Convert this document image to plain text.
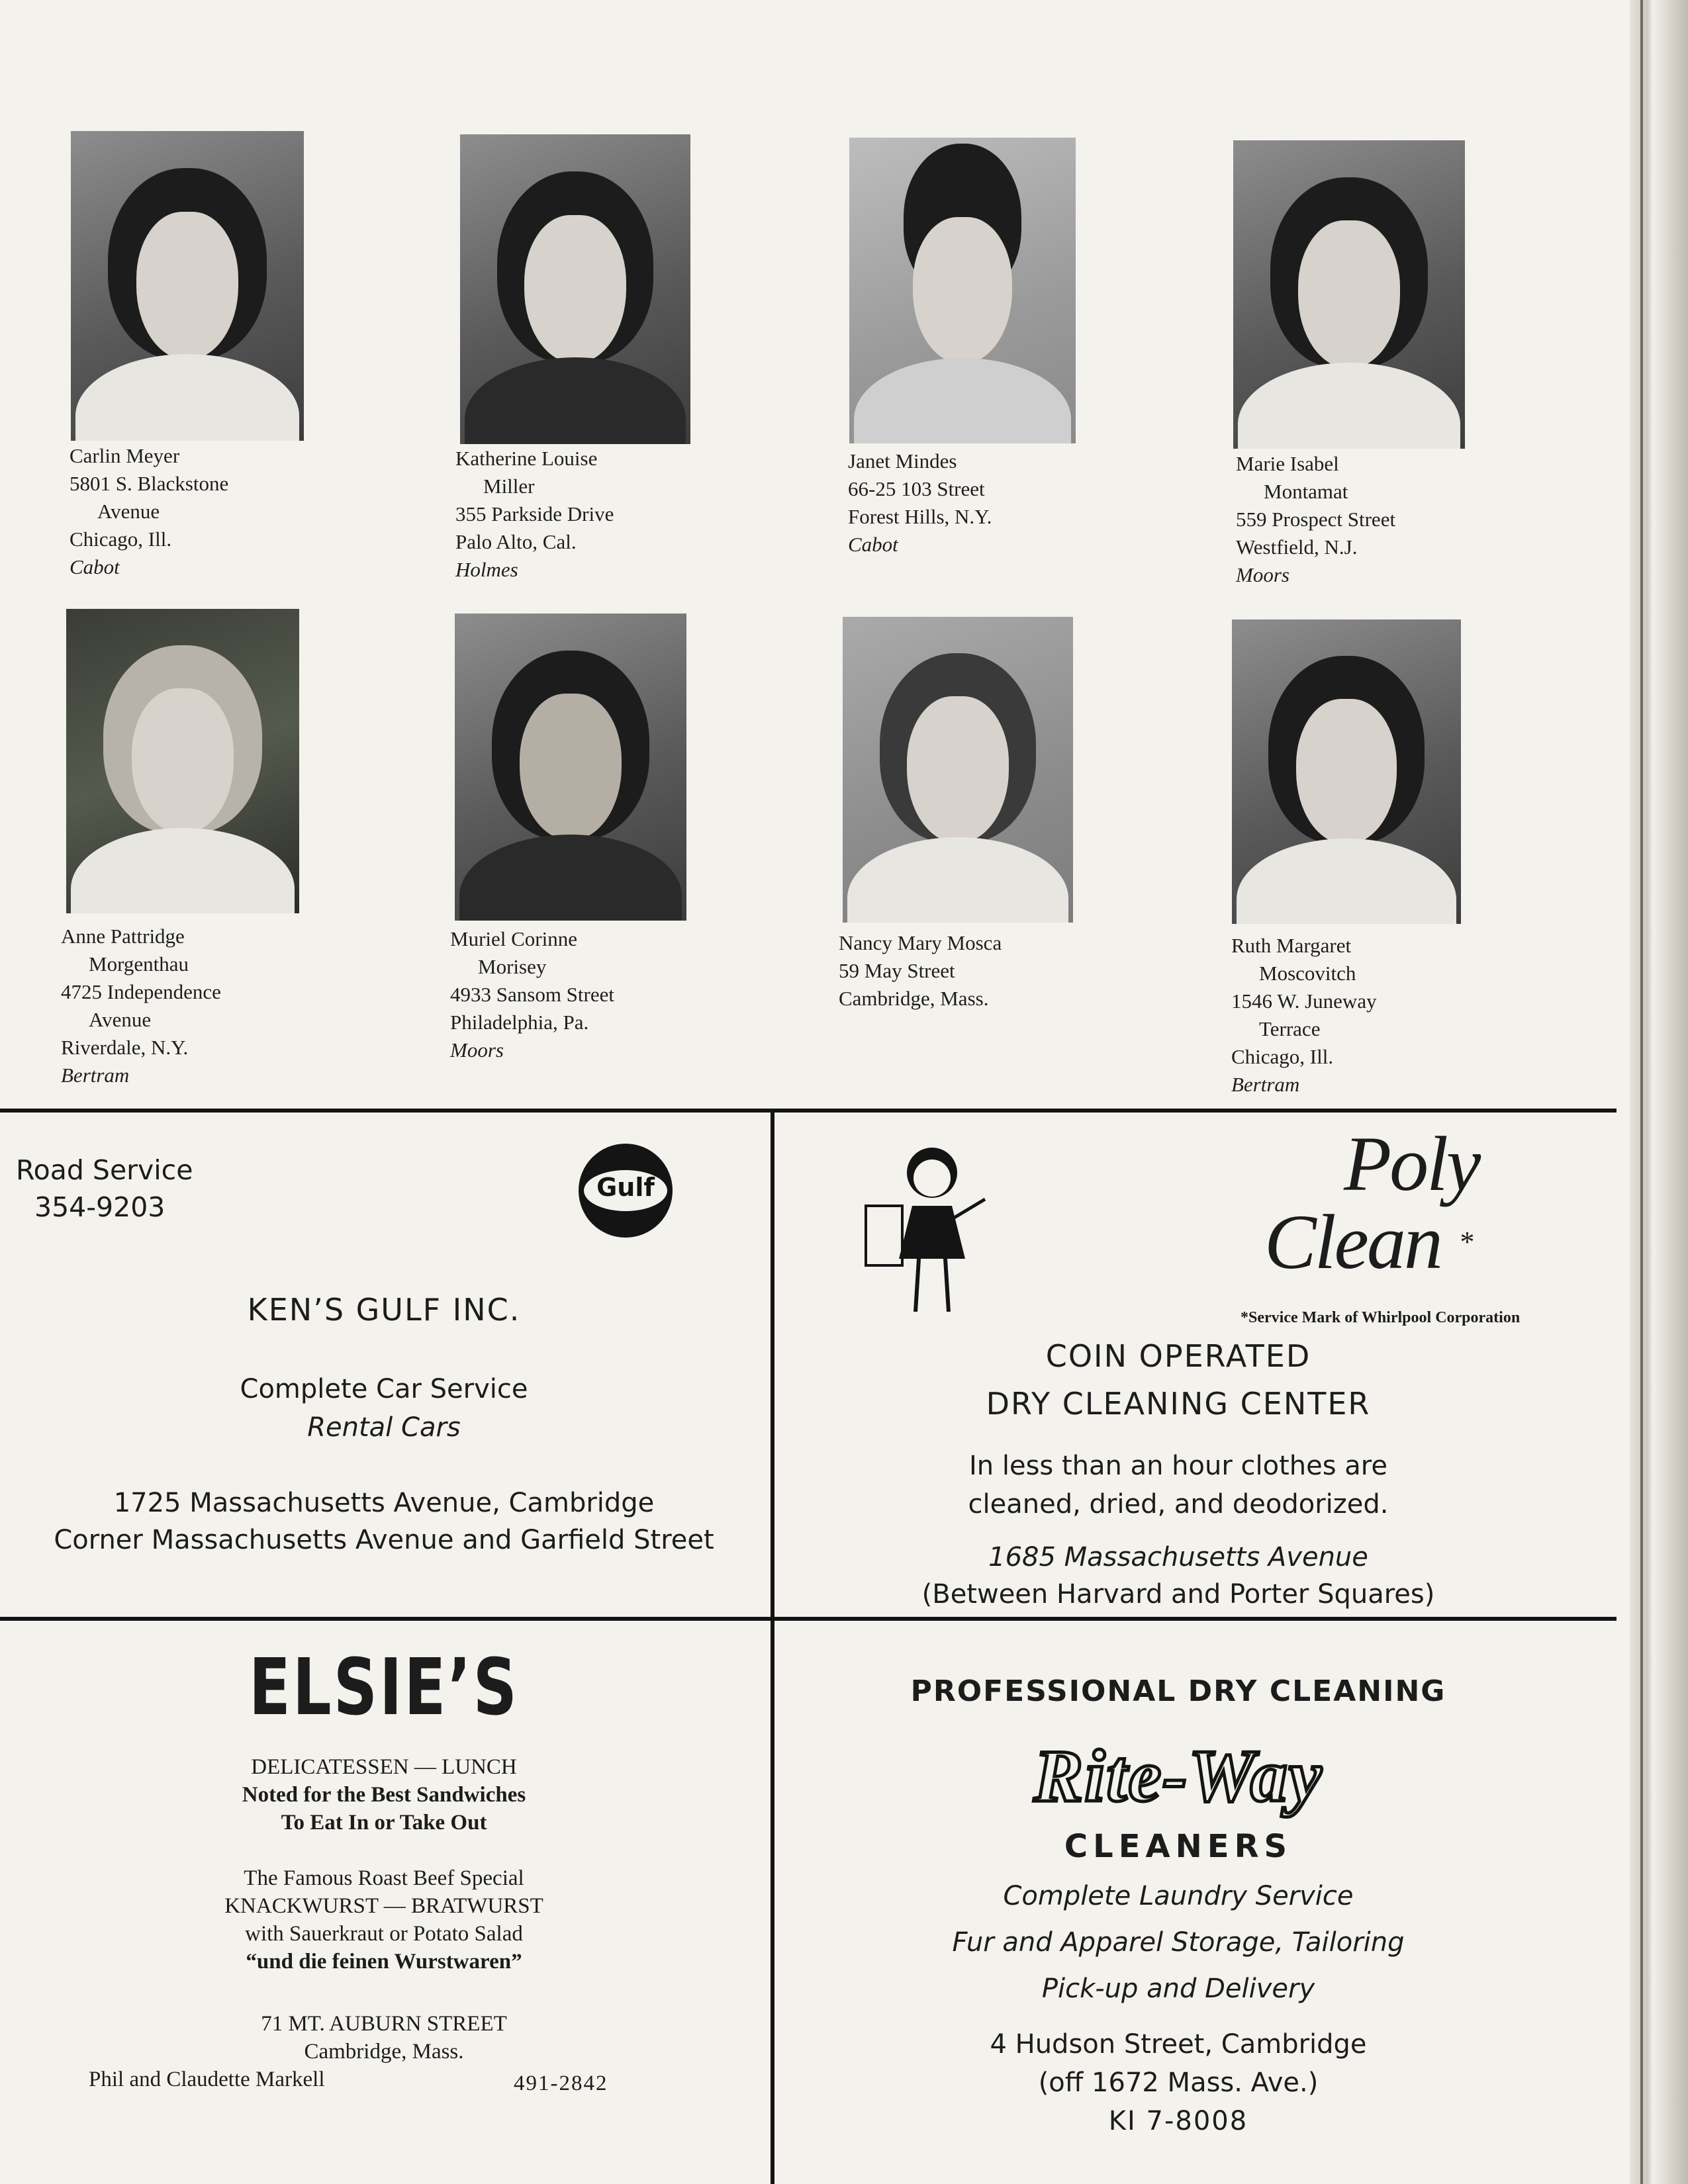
Carlin Meyer
5801 S. Blackstone
Avenue
Chicago, Ill.
Cabot
Katherine Louise
Miller
355 Parkside Drive
Palo Alto, Cal.
Holmes
Janet Mindes
66-25 103 Street
Forest Hills, N.Y.
Cabot
Marie Isabel
Montamat
559 Prospect Street
Westfield, N.J.
Moors
Anne Pattridge
Morgenthau
4725 Independence
Avenue
Riverdale, N.Y.
Bertram
Muriel Corinne
Morisey
4933 Sansom Street
Philadelphia, Pa.
Moors
Nancy Mary Mosca
59 May Street
Cambridge, Mass.
Ruth Margaret
Moscovitch
1546 W. Juneway
Terrace
Chicago, Ill.
Bertram
Road Service
354-9203
Gulf
KEN’S GULF INC.
Complete Car Service
Rental Cars
1725 Massachusetts Avenue, Cambridge
Corner Massachusetts Avenue and Garfield Street
Poly
Clean *
*Service Mark of Whirlpool Corporation
COIN OPERATED
DRY CLEANING CENTER
In less than an hour clothes are
cleaned, dried, and deodorized.
1685 Massachusetts Avenue
(Between Harvard and Porter Squares)
ELSIE’S
DELICATESSEN — LUNCH
Noted for the Best Sandwiches
To Eat In or Take Out
The Famous Roast Beef Special
KNACKWURST — BRATWURST
with Sauerkraut or Potato Salad
“und die feinen Wurstwaren”
71 MT. AUBURN STREET
Cambridge, Mass.
Phil and Claudette Markell	491-2842
PROFESSIONAL DRY CLEANING
Rite-Way
CLEANERS
Complete Laundry Service
Fur and Apparel Storage, Tailoring
Pick-up and Delivery
4 Hudson Street, Cambridge
(off 1672 Mass. Ave.)
KI 7-8008
